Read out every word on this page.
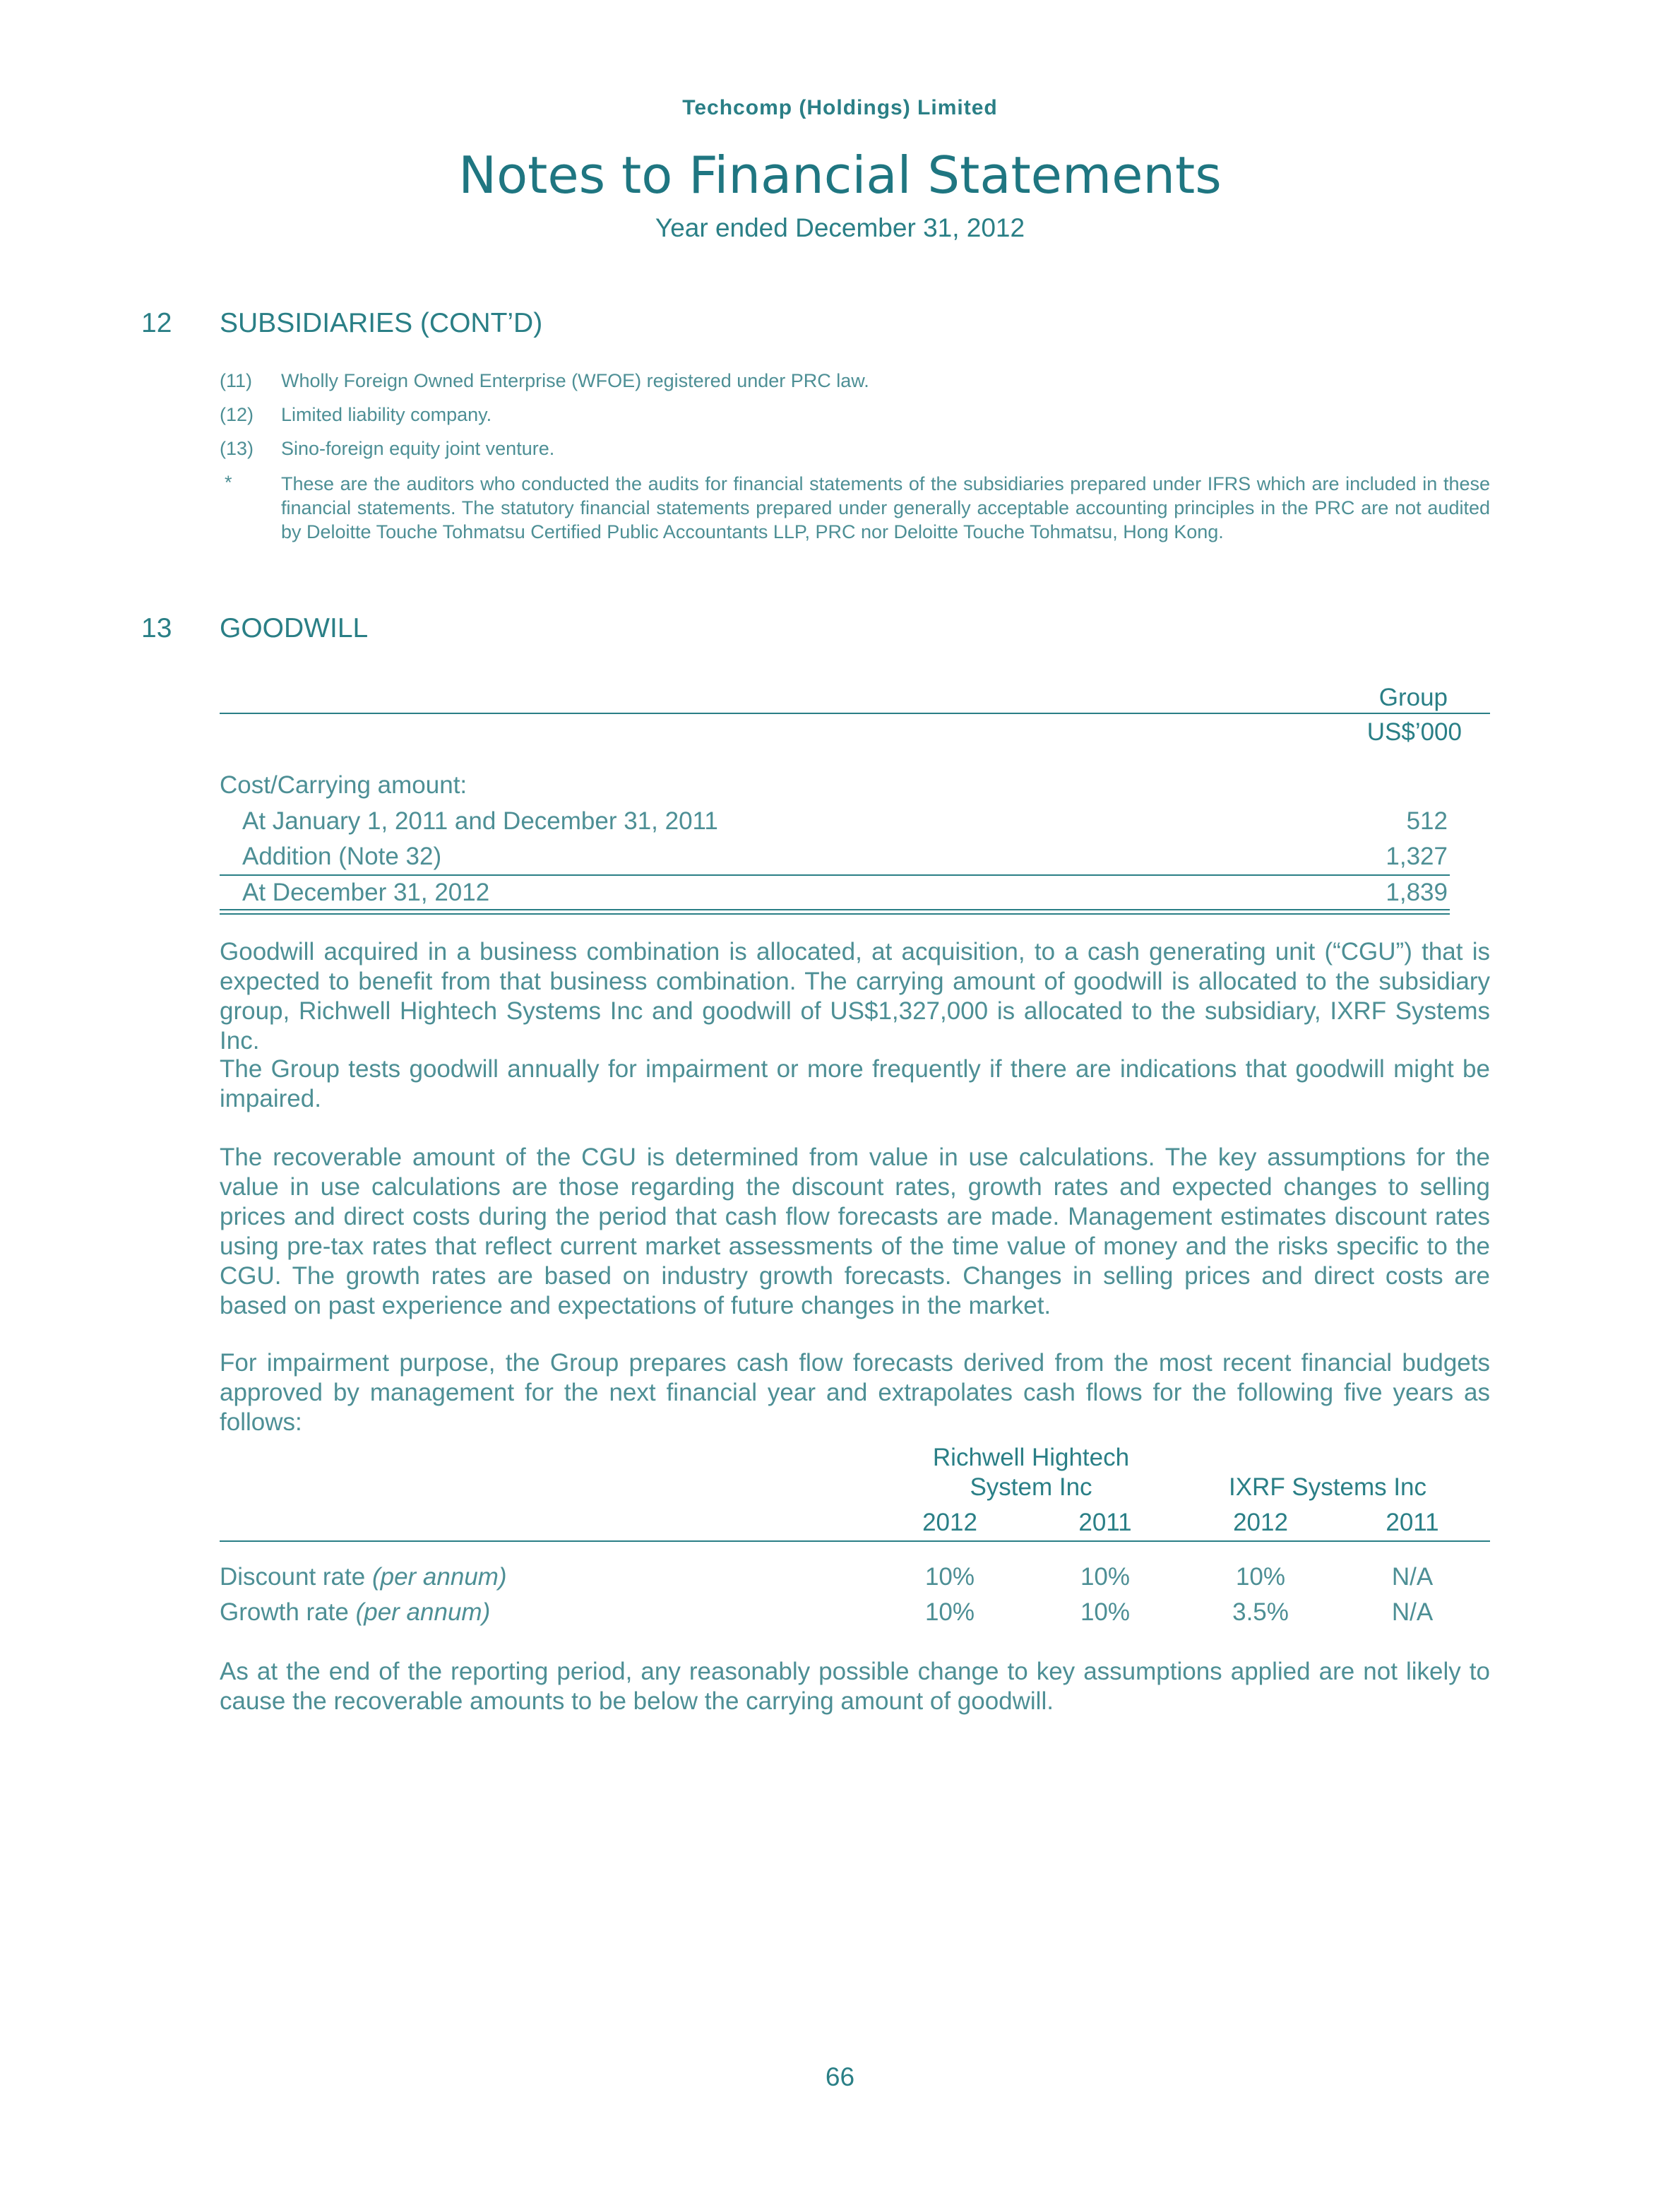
Techcomp (Holdings) Limited
Notes to Financial Statements
Year ended December 31, 2012
12 SUBSIDIARIES (CONT’D)
(11) Wholly Foreign Owned Enterprise (WFOE) registered under PRC law.
(12) Limited liability company.
(13) Sino-foreign equity joint venture.
*	These are the auditors who conducted the audits for financial statements of the subsidiaries prepared under IFRS which are included in these financial statements. The statutory financial statements prepared under generally acceptable accounting principles in the PRC are not audited by Deloitte Touche Tohmatsu Certified Public Accountants LLP, PRC nor Deloitte Touche Tohmatsu, Hong Kong.
13 GOODWILL
Group
US$’000
Cost/Carrying amount:
At January 1, 2011 and December 31, 2011	512
Addition (Note 32)	1,327
At December 31, 2012	1,839
Goodwill acquired in a business combination is allocated, at acquisition, to a cash generating unit (“CGU”) that is expected to benefit from that business combination. The carrying amount of goodwill is allocated to the subsidiary group, Richwell Hightech Systems Inc and goodwill of US$1,327,000 is allocated to the subsidiary, IXRF Systems Inc.
The Group tests goodwill annually for impairment or more frequently if there are indications that goodwill might be impaired.
The recoverable amount of the CGU is determined from value in use calculations. The key assumptions for the value in use calculations are those regarding the discount rates, growth rates and expected changes to selling prices and direct costs during the period that cash flow forecasts are made. Management estimates discount rates using pre-tax rates that reflect current market assessments of the time value of money and the risks specific to the CGU. The growth rates are based on industry growth forecasts. Changes in selling prices and direct costs are based on past experience and expectations of future changes in the market.
For impairment purpose, the Group prepares cash flow forecasts derived from the most recent financial budgets approved by management for the next financial year and extrapolates cash flows for the following five years as follows:
Richwell Hightech
System Inc	IXRF Systems Inc
2012	2011	2012	2011
Discount rate (per annum)	10%	10%	10%	N/A
Growth rate (per annum)	10%	10%	3.5%	N/A
As at the end of the reporting period, any reasonably possible change to key assumptions applied are not likely to cause the recoverable amounts to be below the carrying amount of goodwill.
66
